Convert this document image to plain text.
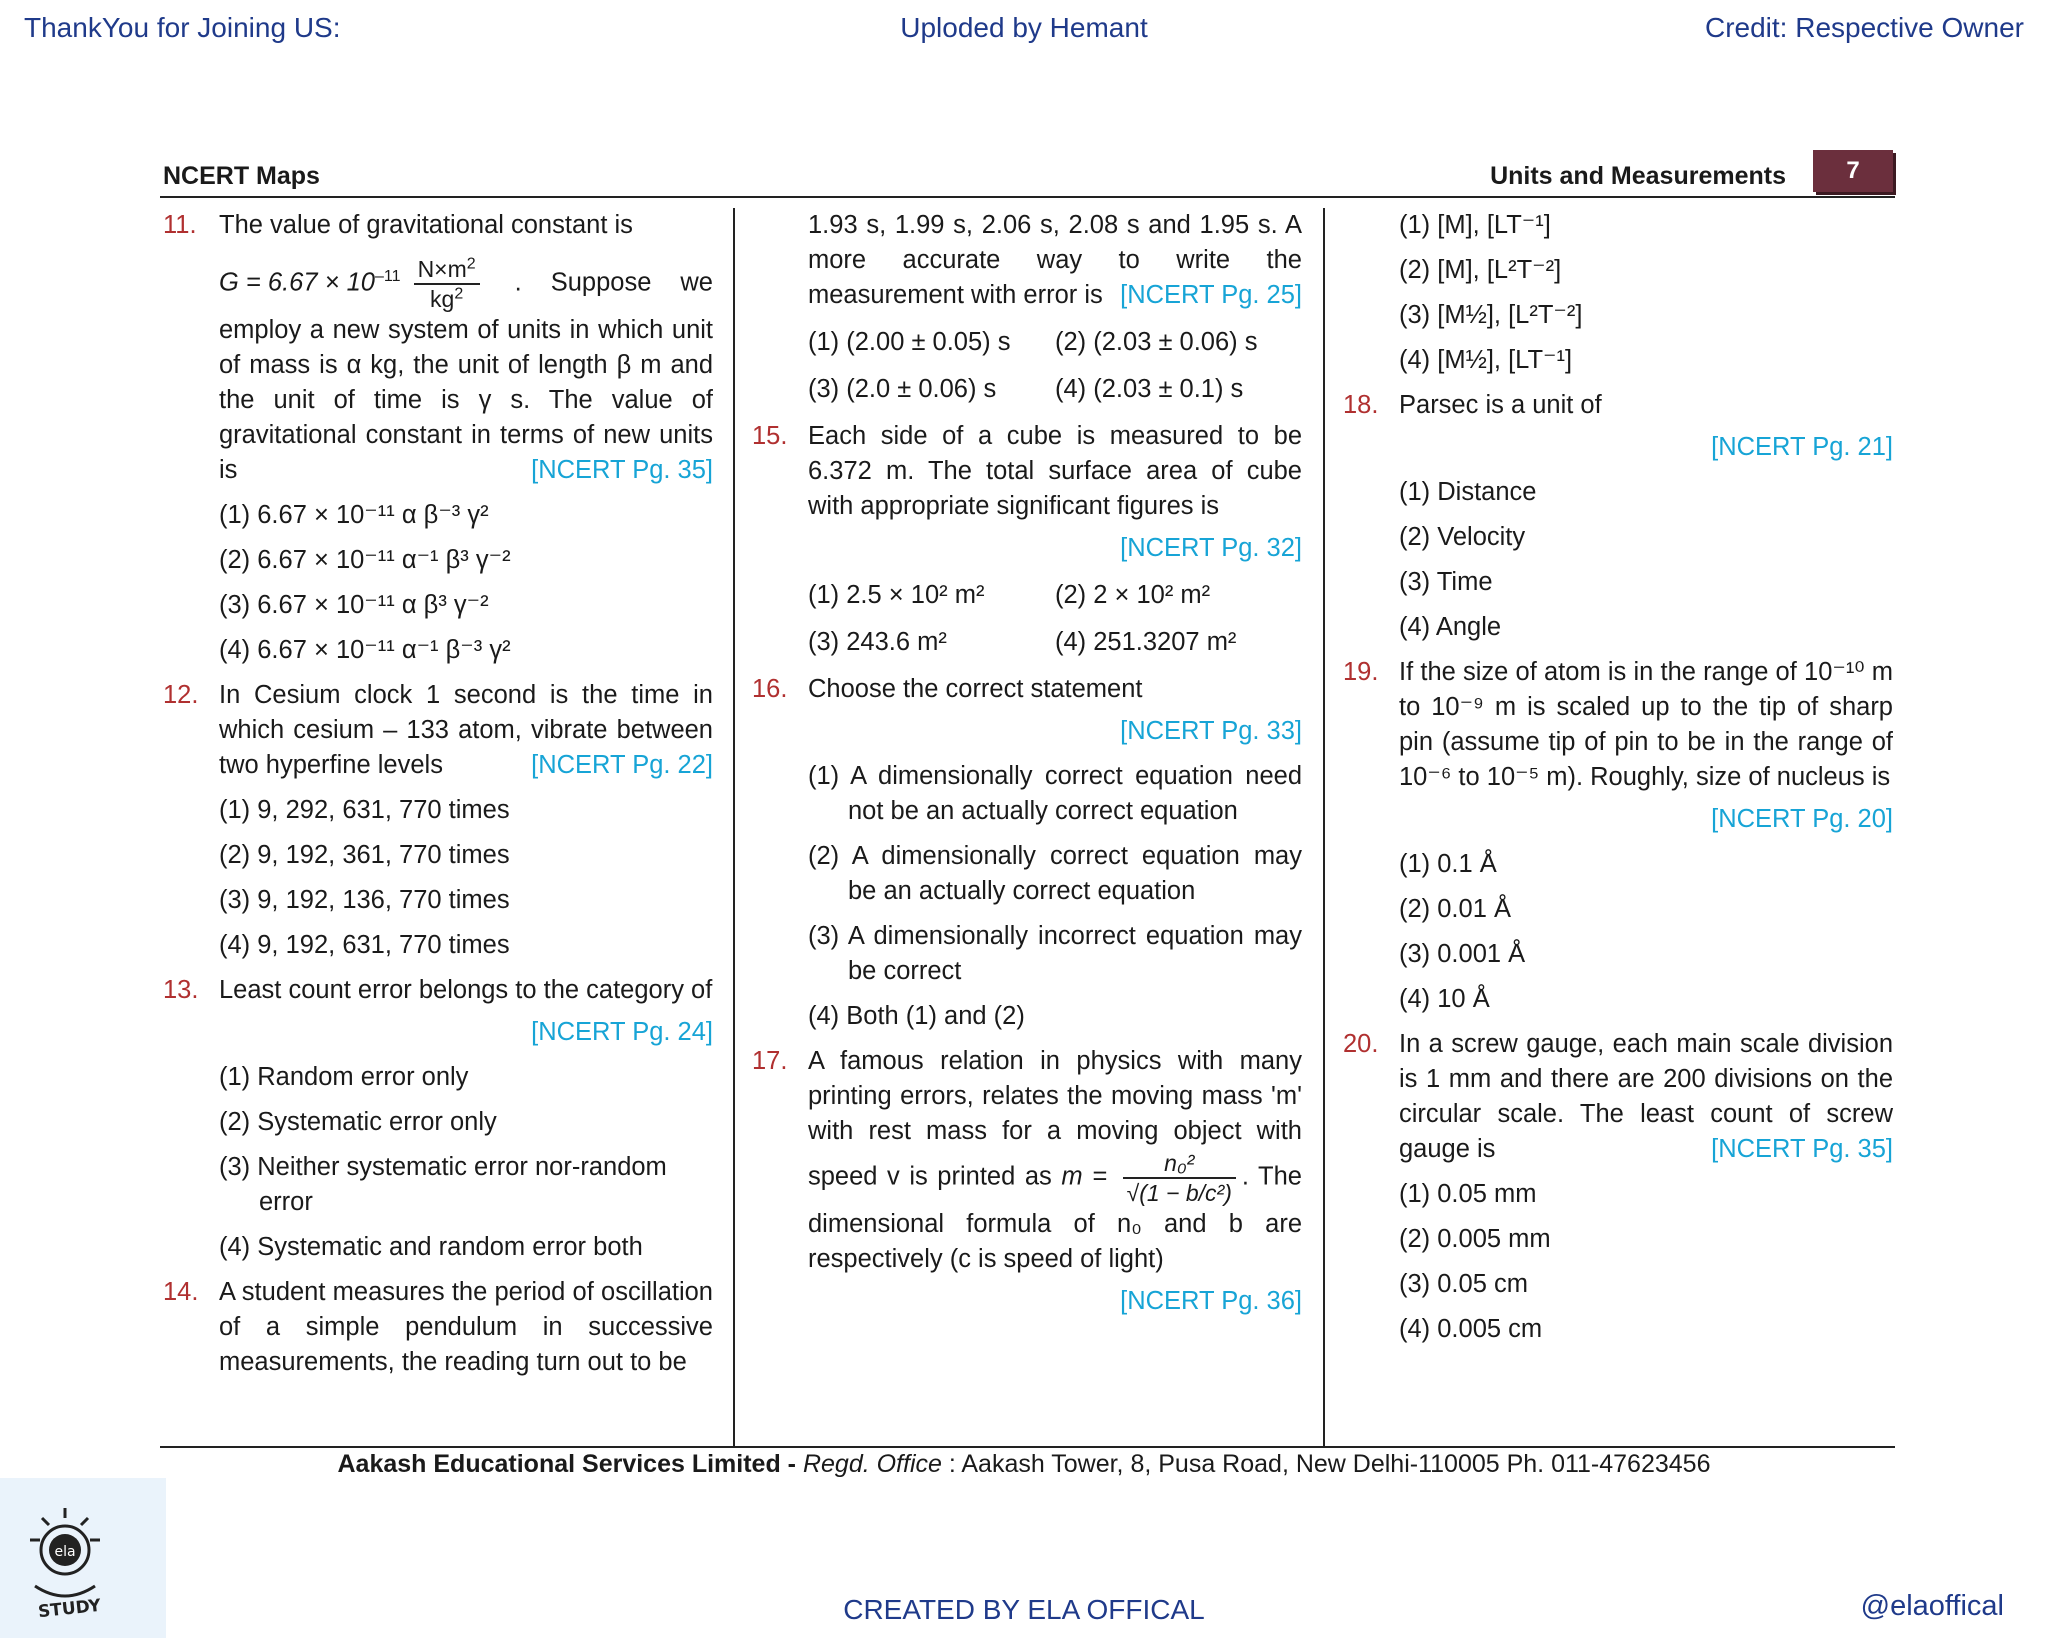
ThankYou for Joining US:	Uploded by Hemant	Credit: Respective Owner
NCERT Maps	Units and Measurements	7
11. The value of gravitational constant is
$G = 6.67 \times 10^{-11} \frac{N\times m^2}{kg^2}$ . Suppose we employ a new system of units in which unit of mass is α kg, the unit of length β m and the unit of time is γ s. The value of gravitational constant in terms of new units is	[NCERT Pg. 35]
(1) 6.67 × 10⁻¹¹ α β⁻³ γ²
(2) 6.67 × 10⁻¹¹ α⁻¹ β³ γ⁻²
(3) 6.67 × 10⁻¹¹ α β³ γ⁻²
(4) 6.67 × 10⁻¹¹ α⁻¹ β⁻³ γ²
12. In Cesium clock 1 second is the time in which cesium – 133 atom, vibrate between two hyperfine levels	[NCERT Pg. 22]
(1) 9, 292, 631, 770 times
(2) 9, 192, 361, 770 times
(3) 9, 192, 136, 770 times
(4) 9, 192, 631, 770 times
13. Least count error belongs to the category of
[NCERT Pg. 24]
(1) Random error only
(2) Systematic error only
(3) Neither systematic error nor-random error
(4) Systematic and random error both
14. A student measures the period of oscillation of a simple pendulum in successive measurements, the reading turn out to be
1.93 s, 1.99 s, 2.06 s, 2.08 s and 1.95 s. A more accurate way to write the measurement with error is [NCERT Pg. 25]
(1) (2.00 ± 0.05) s	(2) (2.03 ± 0.06) s
(3) (2.0 ± 0.06) s	(4) (2.03 ± 0.1) s
15. Each side of a cube is measured to be 6.372 m. The total surface area of cube with appropriate significant figures is
[NCERT Pg. 32]
(1) 2.5 × 10² m²	(2) 2 × 10² m²
(3) 243.6 m²	(4) 251.3207 m²
16. Choose the correct statement
[NCERT Pg. 33]
(1) A dimensionally correct equation need not be an actually correct equation
(2) A dimensionally correct equation may be an actually correct equation
(3) A dimensionally incorrect equation may be correct
(4) Both (1) and (2)
17. A famous relation in physics with many printing errors, relates the moving mass 'm' with rest mass for a moving object with speed v is printed as $m = \frac{\text{n₀²}}{\text{√(1 − b/c²)}}$ . The dimensional formula of n₀ and b are respectively (c is speed of light)
[NCERT Pg. 36]
(1) [M], [LT⁻¹]
(2) [M], [L²T⁻²]
(3) [M½], [L²T⁻²]
(4) [M½], [LT⁻¹]
18. Parsec is a unit of
[NCERT Pg. 21]
(1) Distance
(2) Velocity
(3) Time
(4) Angle
19. If the size of atom is in the range of 10⁻¹⁰ m to 10⁻⁹ m is scaled up to the tip of sharp pin (assume tip of pin to be in the range of 10⁻⁶ to 10⁻⁵ m). Roughly, size of nucleus is
[NCERT Pg. 20]
(1) 0.1 Å
(2) 0.01 Å
(3) 0.001 Å
(4) 10 Å
20. In a screw gauge, each main scale division is 1 mm and there are 200 divisions on the circular scale. The least count of screw gauge is	[NCERT Pg. 35]
(1) 0.05 mm
(2) 0.005 mm
(3) 0.05 cm
(4) 0.005 cm
Aakash Educational Services Limited - Regd. Office : Aakash Tower, 8, Pusa Road, New Delhi-110005 Ph. 011-47623456
ela
STUDY	CREATED BY ELA OFFICAL	@elaoffical
